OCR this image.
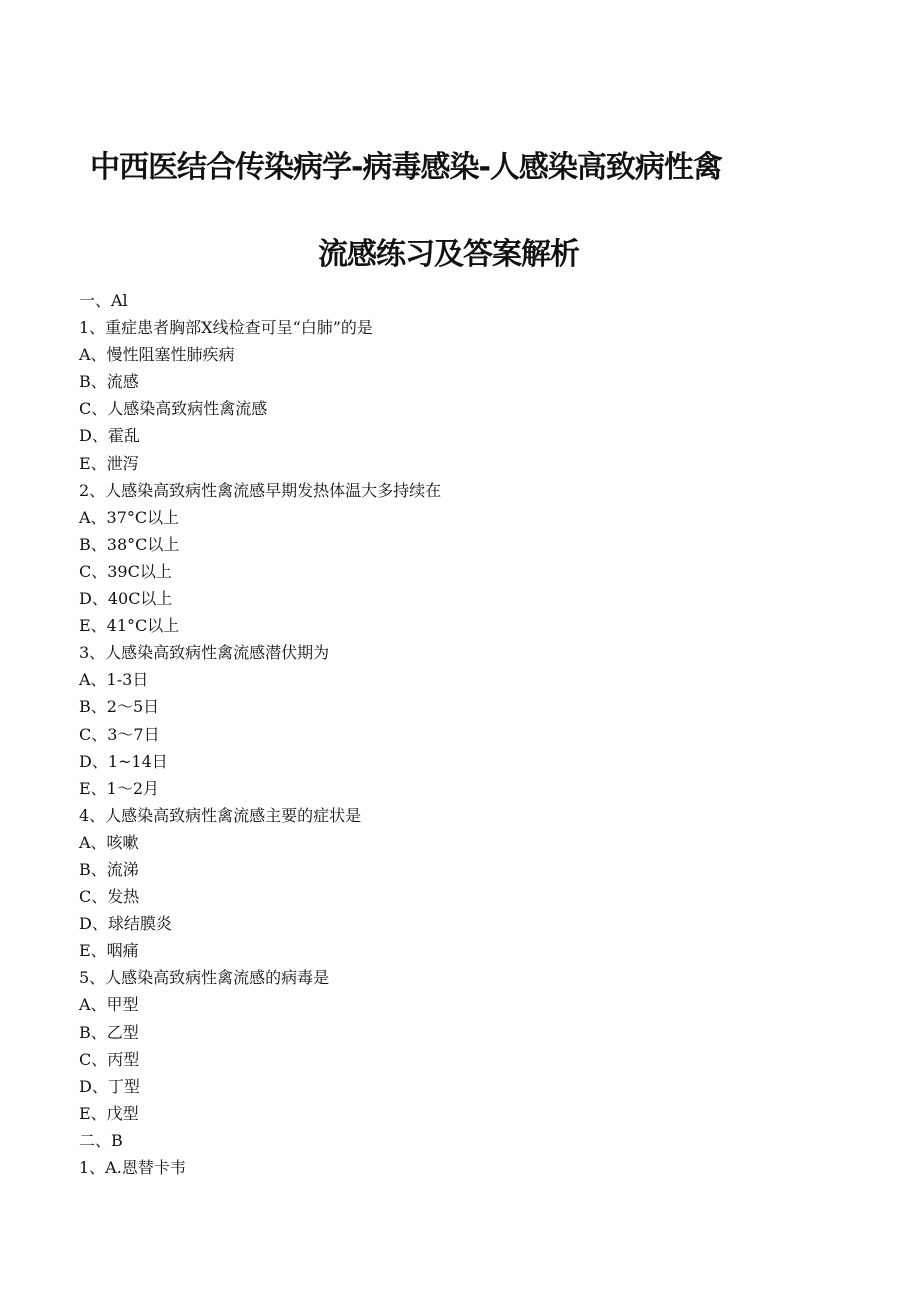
中西医结合传染病学-病毒感染-人感染高致病性禽
流感练习及答案解析
一、Al
1、重症患者胸部X线检查可呈“白肺”的是
A、慢性阻塞性肺疾病
B、流感
C、人感染高致病性禽流感
D、霍乱
E、泄泻
2、人感染高致病性禽流感早期发热体温大多持续在
A、37°C以上
B、38°C以上
C、39C以上
D、40C以上
E、41°C以上
3、人感染高致病性禽流感潜伏期为
A、1-3日
B、2～5日
C、3～7日
D、1~14日
E、1～2月
4、人感染高致病性禽流感主要的症状是
A、咳嗽
B、流涕
C、发热
D、球结膜炎
E、咽痛
5、人感染高致病性禽流感的病毒是
A、甲型
B、乙型
C、丙型
D、丁型
E、戊型
二、B
1、A.恩替卡韦
